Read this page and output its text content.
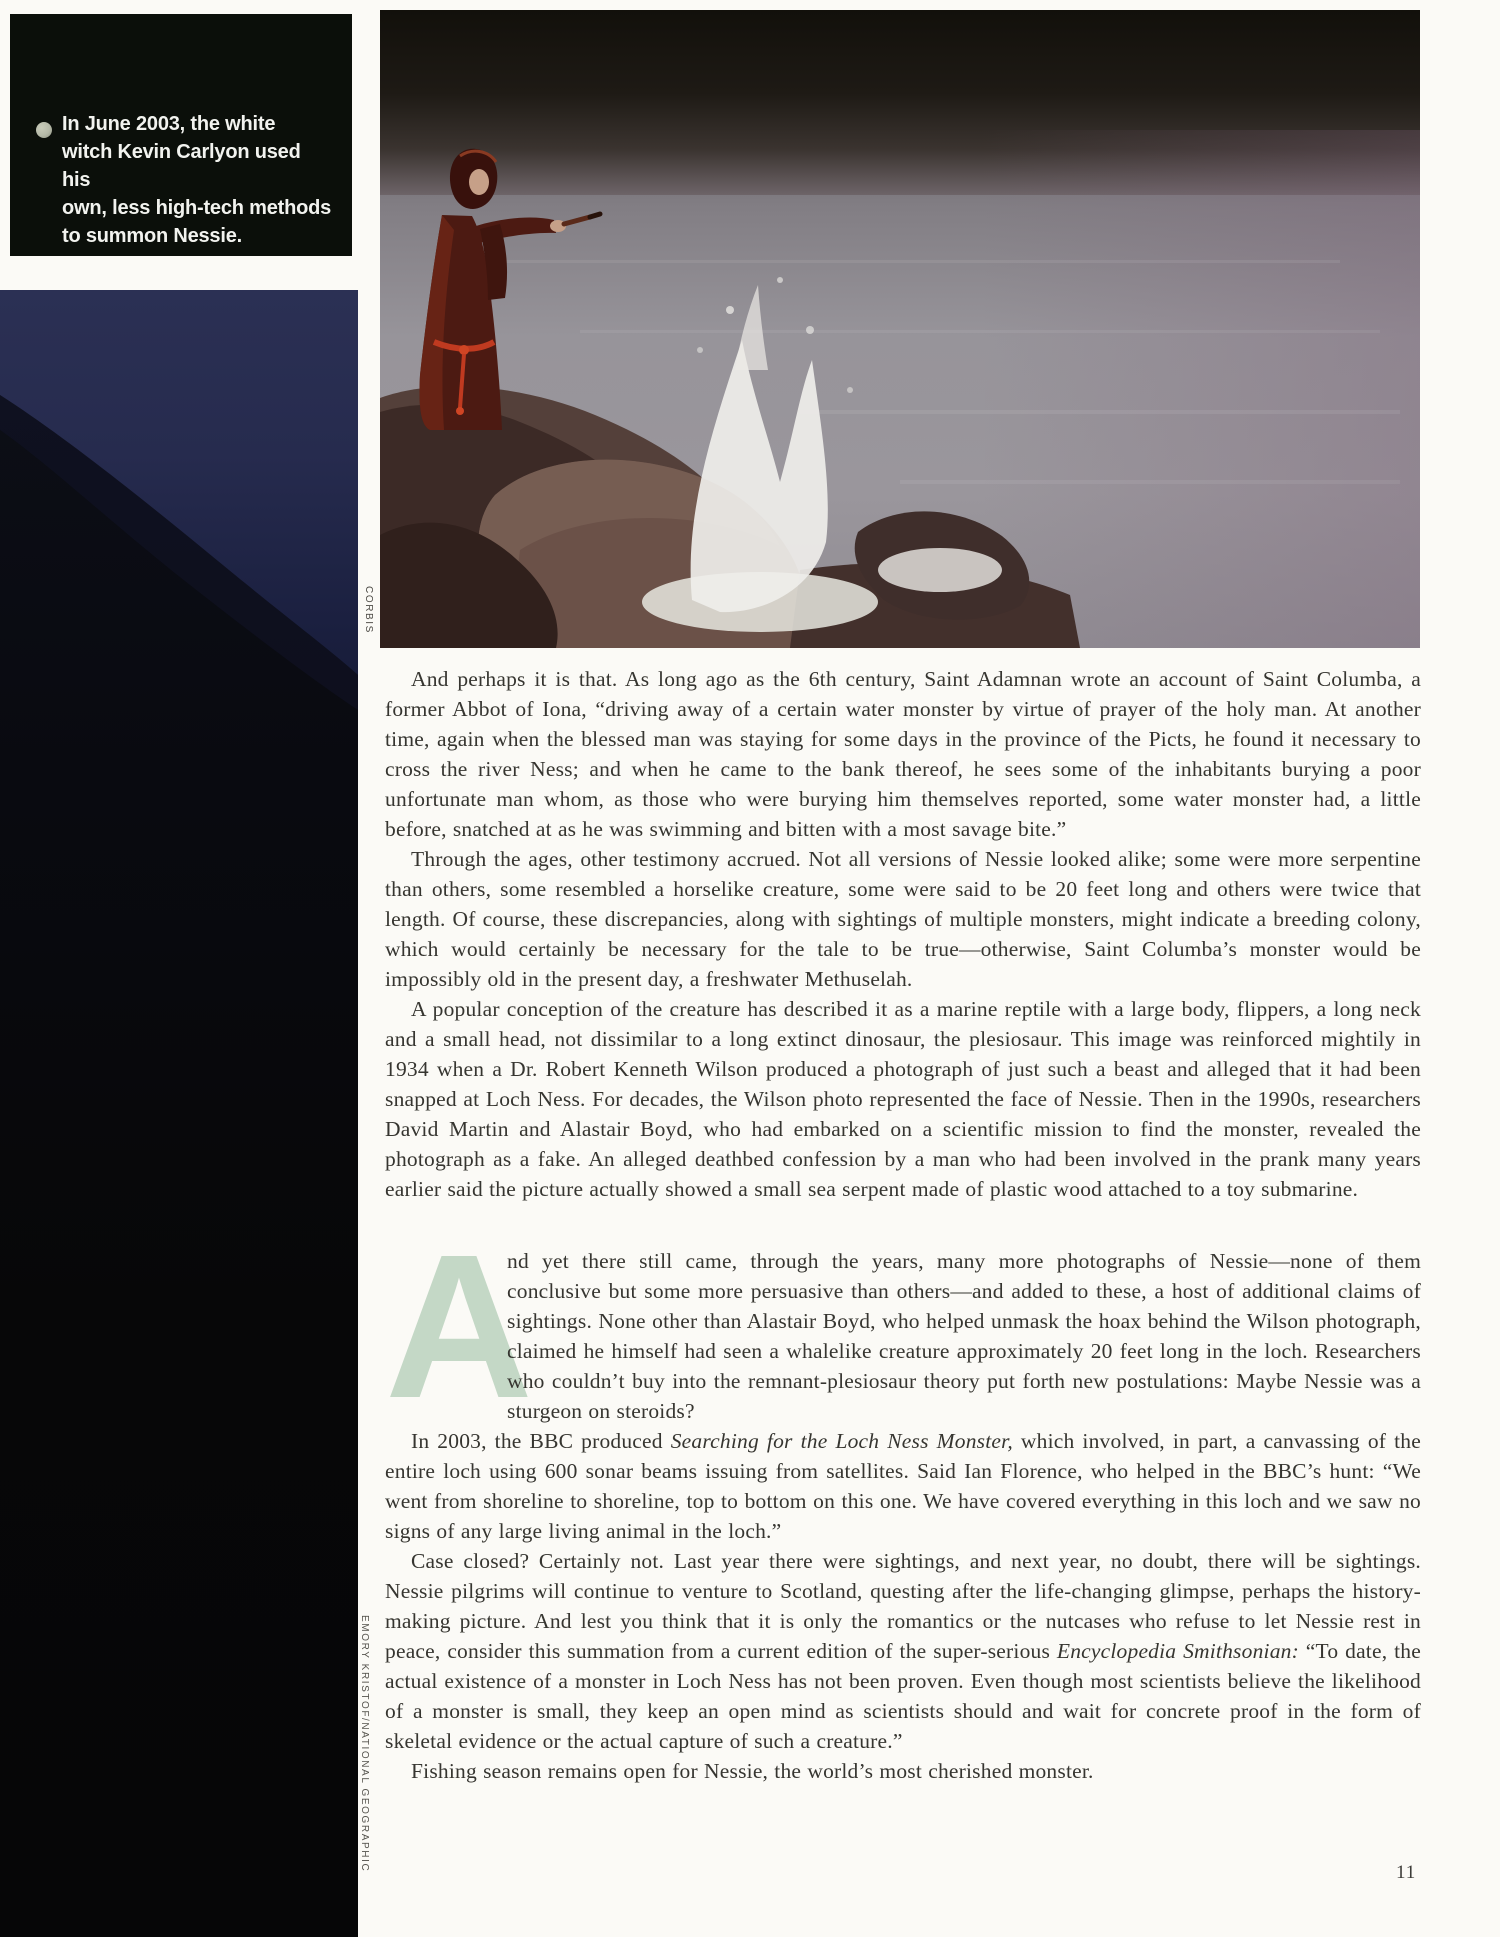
In June 2003, the white
witch Kevin Carlyon used his
own, less high-tech methods
to summon Nessie.
CORBIS
EMORY KRISTOF/NATIONAL GEOGRAPHIC

And perhaps it is that. As long ago as the 6th century, Saint Adamnan wrote an account of Saint Columba, a former Abbot of Iona, “driving away of a certain water monster by virtue of prayer of the holy man. At another time, again when the blessed man was staying for some days in the province of the Picts, he found it necessary to cross the river Ness; and when he came to the bank thereof, he sees some of the inhabitants burying a poor unfortunate man whom, as those who were burying him themselves reported, some water monster had, a little before, snatched at as he was swimming and bitten with a most savage bite.”

Through the ages, other testimony accrued. Not all versions of Nessie looked alike; some were more serpentine than others, some resembled a horselike creature, some were said to be 20 feet long and others were twice that length. Of course, these discrepancies, along with sightings of multiple monsters, might indicate a breeding colony, which would certainly be necessary for the tale to be true—otherwise, Saint Columba’s monster would be impossibly old in the present day, a freshwater Methuselah.

A popular conception of the creature has described it as a marine reptile with a large body, flippers, a long neck and a small head, not dissimilar to a long extinct dinosaur, the plesiosaur. This image was reinforced mightily in 1934 when a Dr. Robert Kenneth Wilson produced a photograph of just such a beast and alleged that it had been snapped at Loch Ness. For decades, the Wilson photo represented the face of Nessie. Then in the 1990s, researchers David Martin and Alastair Boyd, who had embarked on a scientific mission to find the monster, revealed the photograph as a fake. An alleged deathbed confession by a man who had been involved in the prank many years earlier said the picture actually showed a small sea serpent made of plastic wood attached to a toy submarine.

A
nd yet there still came, through the years, many more photographs of Nessie—none of them conclusive but some more persuasive than others—and added to these, a host of additional claims of sightings. None other than Alastair Boyd, who helped unmask the hoax behind the Wilson photograph, claimed he himself had seen a whalelike creature approximately 20 feet long in the loch. Researchers who couldn’t buy into the remnant-plesiosaur theory put forth new postulations: Maybe Nessie was a sturgeon on steroids?

In 2003, the BBC produced Searching for the Loch Ness Monster, which involved, in part, a canvassing of the entire loch using 600 sonar beams issuing from satellites. Said Ian Florence, who helped in the BBC’s hunt: “We went from shoreline to shoreline, top to bottom on this one. We have covered everything in this loch and we saw no signs of any large living animal in the loch.”

Case closed? Certainly not. Last year there were sightings, and next year, no doubt, there will be sightings. Nessie pilgrims will continue to venture to Scotland, questing after the life-changing glimpse, perhaps the history-making picture. And lest you think that it is only the romantics or the nutcases who refuse to let Nessie rest in peace, consider this summation from a current edition of the super-serious Encyclopedia Smithsonian: “To date, the actual existence of a monster in Loch Ness has not been proven. Even though most scientists believe the likelihood of a monster is small, they keep an open mind as scientists should and wait for concrete proof in the form of skeletal evidence or the actual capture of such a creature.”

Fishing season remains open for Nessie, the world’s most cherished monster.

11
